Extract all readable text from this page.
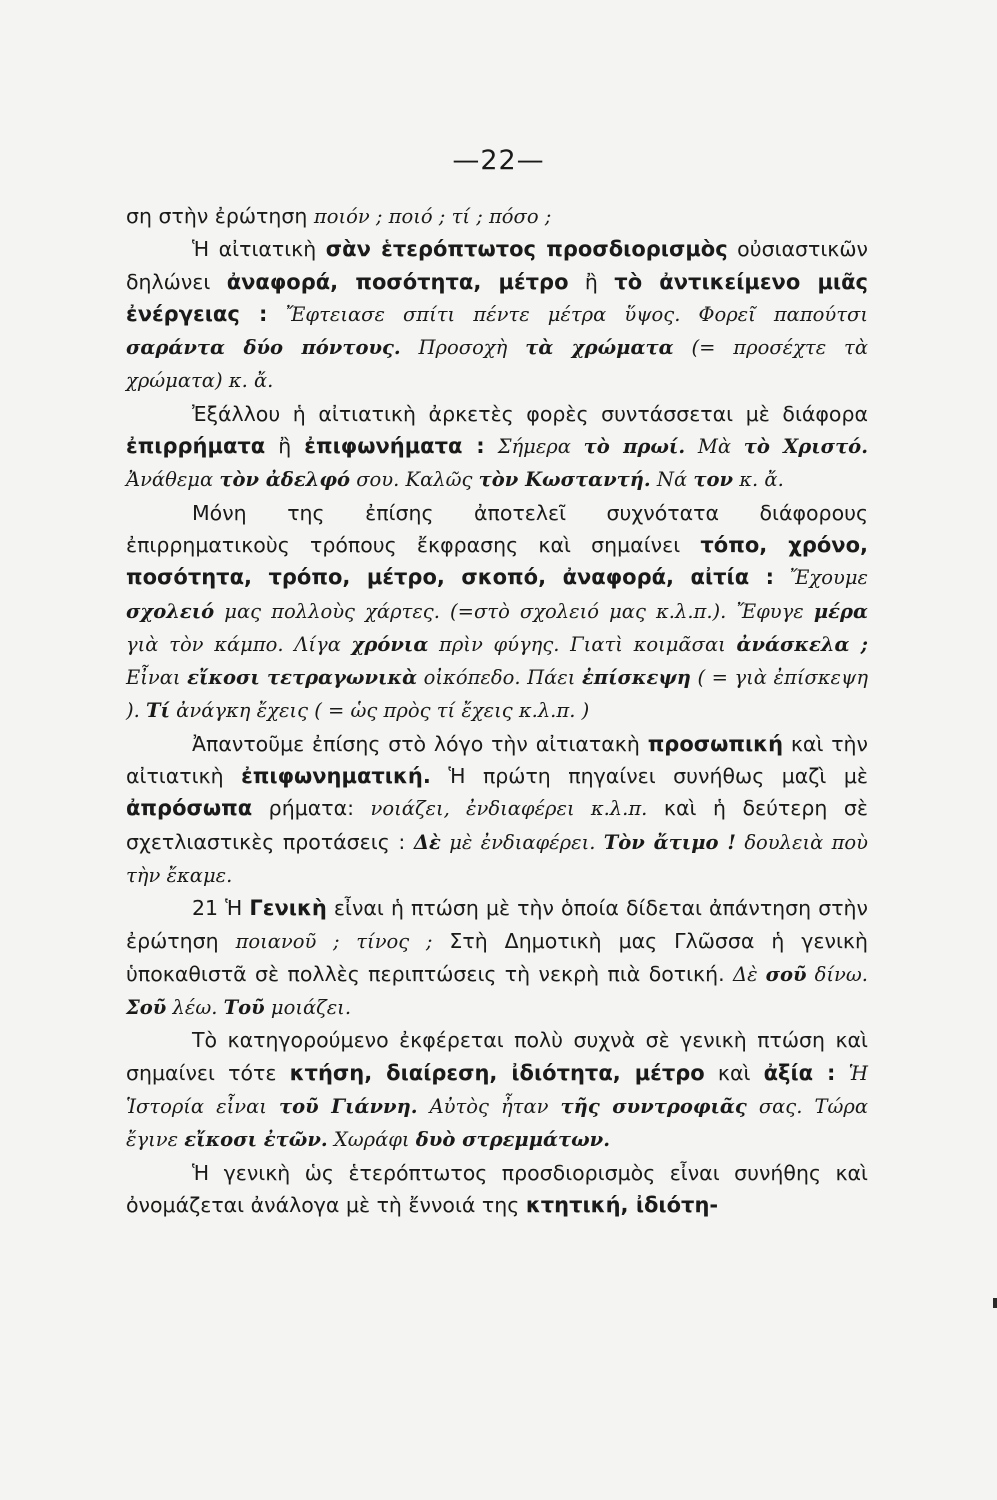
—22—

ση στὴν ἐρώτηση ποιόν ; ποιό ; τί ; πόσο ;

Ἡ αἰτιατικὴ σὰν ἑτερόπτωτος προσδιορισμὸς οὐσιαστικῶν δηλώνει ἀναφορά, ποσότητα, μέτρο ἢ τὸ ἀντικείμενο μιᾶς ἐνέργειας : Ἔφτειασε σπίτι πέντε μέτρα ὕψος. Φορεῖ παπούτσι σαράντα δύο πόντους. Προσοχὴ τὰ χρώματα (= προσέχτε τὰ χρώματα) κ. ἄ.

Ἐξάλλου ἡ αἰτιατικὴ ἀρκετὲς φορὲς συντάσσεται μὲ διάφορα ἐπιρρήματα ἢ ἐπιφωνήματα : Σήμερα τὸ πρωί. Μὰ τὸ Χριστό. Ἀνάθεμα τὸν ἀδελφό σου. Καλῶς τὸν Κωσταντή. Νά τον κ. ἄ.

Μόνη της ἐπίσης ἀποτελεῖ συχνότατα διάφορους ἐπιρρηματικοὺς τρόπους ἔκφρασης καὶ σημαίνει τόπο, χρόνο, ποσότητα, τρόπο, μέτρο, σκοπό, ἀναφορά, αἰτία : Ἔχουμε σχολειό μας πολλοὺς χάρτες. (=στὸ σχολειό μας κ.λ.π.). Ἔφυγε μέρα γιὰ τὸν κάμπο. Λίγα χρόνια πρὶν φύγης. Γιατὶ κοιμᾶσαι ἀνάσκελα ; Εἶναι εἴκοσι τετραγωνικὰ οἰκόπεδο. Πάει ἐπίσκεψη ( = γιὰ ἐπίσκεψη ). Τί ἀνάγκη ἔχεις ( = ὡς πρὸς τί ἔχεις κ.λ.π. )

Ἀπαντοῦμε ἐπίσης στὸ λόγο τὴν αἰτιατακὴ προσωπική καὶ τὴν αἰτιατικὴ ἐπιφωνηματική. Ἡ πρώτη πηγαίνει συνήθως μαζὶ μὲ ἀπρόσωπα ρήματα: νοιάζει, ἐνδιαφέρει κ.λ.π. καὶ ἡ δεύτερη σὲ σχετλιαστικὲς προτάσεις : Δὲ μὲ ἐνδιαφέρει. Τὸν ἄτιμο ! δουλειὰ ποὺ τὴν ἔκαμε.

21 Ἡ Γενικὴ εἶναι ἡ πτώση μὲ τὴν ὁποία δίδεται ἀπάντηση στὴν ἐρώτηση ποιανοῦ ; τίνος ; Στὴ Δημοτικὴ μας Γλῶσσα ἡ γενικὴ ὑποκαθιστᾶ σὲ πολλὲς περιπτώσεις τὴ νεκρὴ πιὰ δοτική. Δὲ σοῦ δίνω. Σοῦ λέω. Τοῦ μοιάζει.

Τὸ κατηγορούμενο ἐκφέρεται πολὺ συχνὰ σὲ γενικὴ πτώση καὶ σημαίνει τότε κτήση, διαίρεση, ἰδιότητα, μέτρο καὶ ἀξία : Ἡ Ἱστορία εἶναι τοῦ Γιάννη. Αὐτὸς ἦταν τῆς συντροφιᾶς σας. Τώρα ἔγινε εἴκοσι ἐτῶν. Χωράφι δυὸ στρεμμάτων.

Ἡ γενικὴ ὡς ἑτερόπτωτος προσδιορισμὸς εἶναι συνήθης καὶ ὀνομάζεται ἀνάλογα μὲ τὴ ἔννοιά της κτητική, ἰδιότη-
